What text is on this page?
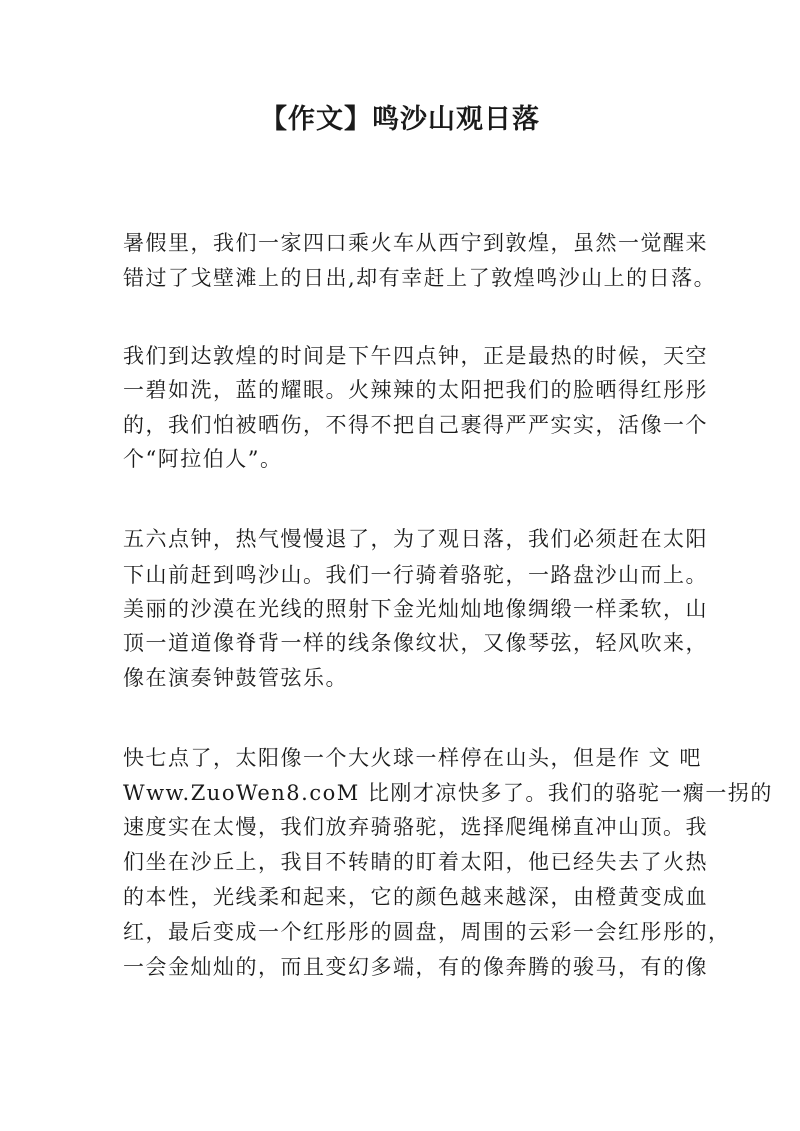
【作文】鸣沙山观日落
暑假里，我们一家四口乘火车从西宁到敦煌，虽然一觉醒来
错过了戈壁滩上的日出,却有幸赶上了敦煌鸣沙山上的日落。
我们到达敦煌的时间是下午四点钟，正是最热的时候，天空
一碧如洗，蓝的耀眼。火辣辣的太阳把我们的脸晒得红彤彤
的，我们怕被晒伤，不得不把自己裹得严严实实，活像一个
个“阿拉伯人”。
五六点钟，热气慢慢退了，为了观日落，我们必须赶在太阳
下山前赶到鸣沙山。我们一行骑着骆驼，一路盘沙山而上。
美丽的沙漠在光线的照射下金光灿灿地像绸缎一样柔软，山
顶一道道像脊背一样的线条像纹状，又像琴弦，轻风吹来，
像在演奏钟鼓管弦乐。
快七点了，太阳像一个大火球一样停在山头，但是作 文 吧
Www.ZuoWen8.coM 比刚才凉快多了。我们的骆驼一瘸一拐的
速度实在太慢，我们放弃骑骆驼，选择爬绳梯直冲山顶。我
们坐在沙丘上，我目不转睛的盯着太阳，他已经失去了火热
的本性，光线柔和起来，它的颜色越来越深，由橙黄变成血
红，最后变成一个红彤彤的圆盘，周围的云彩一会红彤彤的，
一会金灿灿的，而且变幻多端，有的像奔腾的骏马，有的像
